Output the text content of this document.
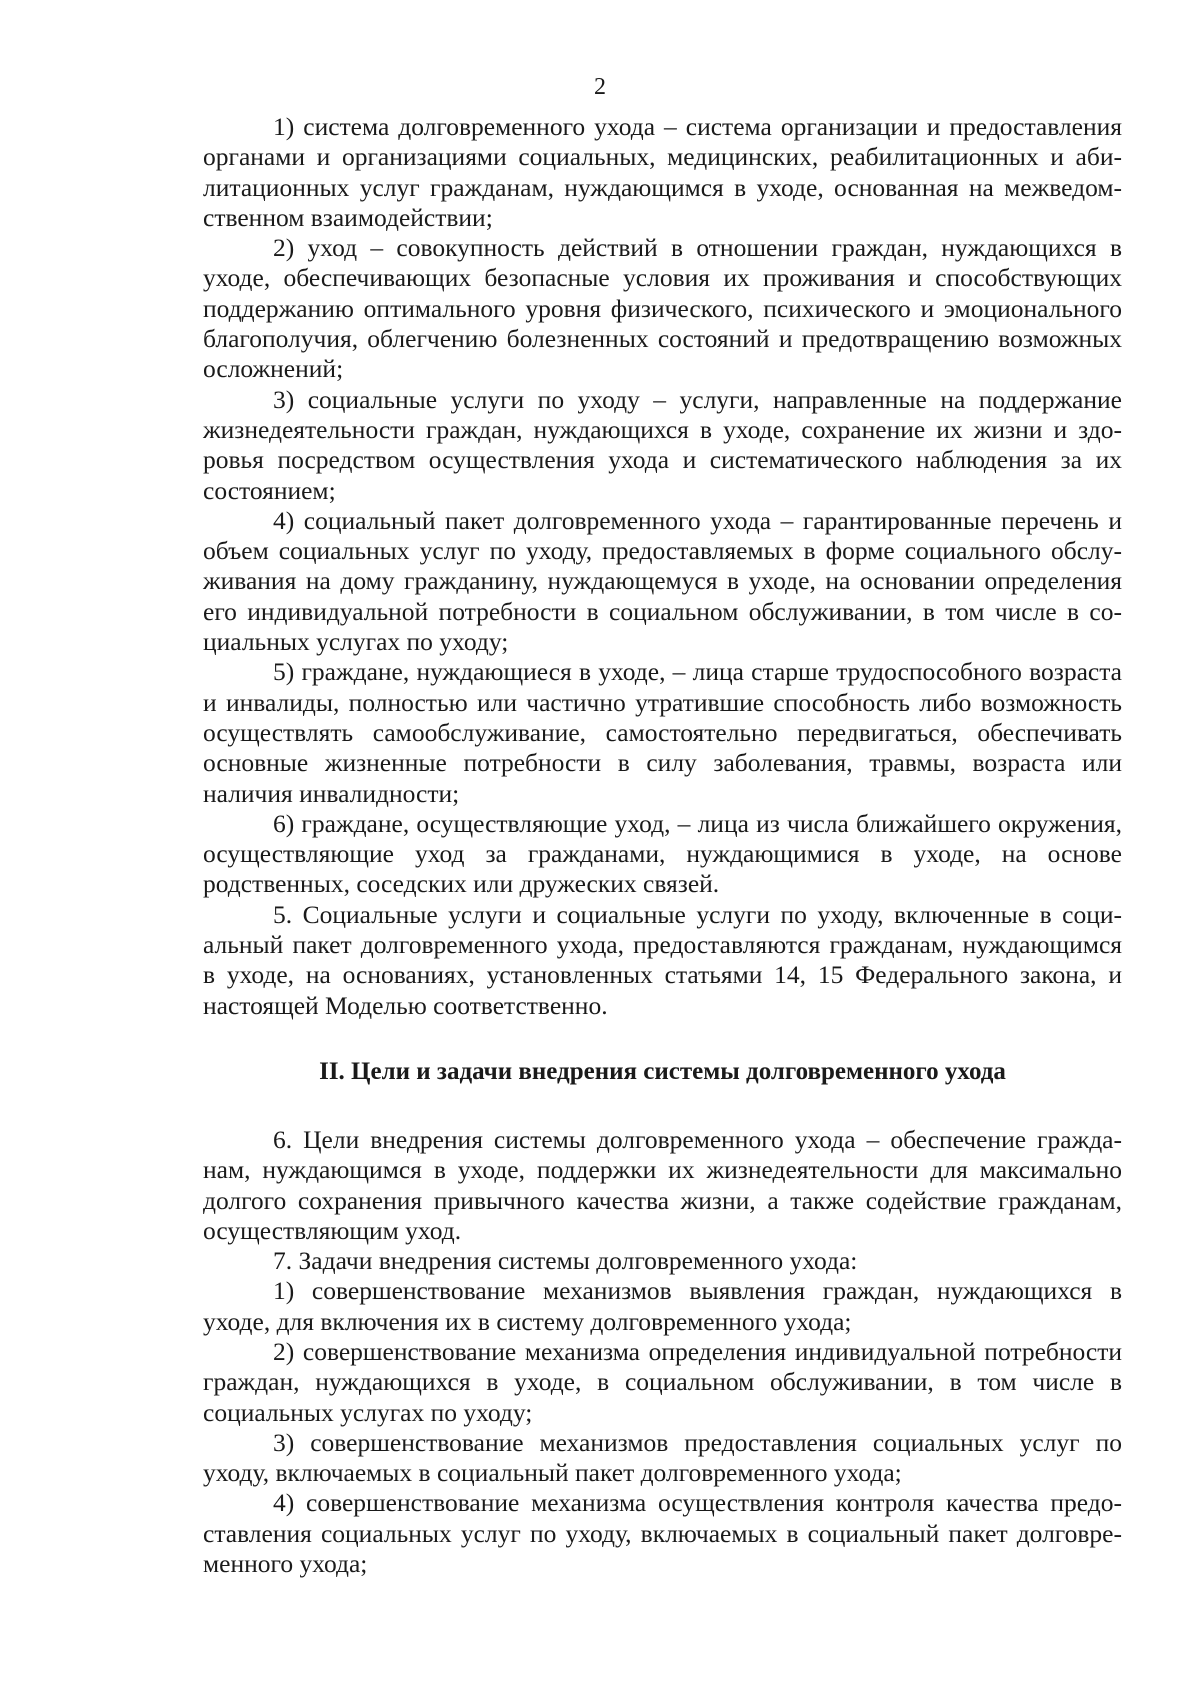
2

1) система долговременного ухода – система организации и предоставления органами и организациями социальных, медицинских, реабилитационных и абилитационных услуг гражданам, нуждающимся в уходе, основанная на межведомственном взаимодействии;

2) уход – совокупность действий в отношении граждан, нуждающихся в уходе, обеспечивающих безопасные условия их проживания и способствующих поддержанию оптимального уровня физического, психического и эмоционального благополучия, облегчению болезненных состояний и предотвращению возможных осложнений;

3) социальные услуги по уходу – услуги, направленные на поддержание жизнедеятельности граждан, нуждающихся в уходе, сохранение их жизни и здоровья посредством осуществления ухода и систематического наблюдения за их состоянием;

4) социальный пакет долговременного ухода – гарантированные перечень и объем социальных услуг по уходу, предоставляемых в форме социального обслуживания на дому гражданину, нуждающемуся в уходе, на основании определения его индивидуальной потребности в социальном обслуживании, в том числе в социальных услугах по уходу;

5) граждане, нуждающиеся в уходе, – лица старше трудоспособного возраста и инвалиды, полностью или частично утратившие способность либо возможность осуществлять самообслуживание, самостоятельно передвигаться, обеспечивать основные жизненные потребности в силу заболевания, травмы, возраста или наличия инвалидности;

6) граждане, осуществляющие уход, – лица из числа ближайшего окружения, осуществляющие уход за гражданами, нуждающимися в уходе, на основе родственных, соседских или дружеских связей.

5. Социальные услуги и социальные услуги по уходу, включенные в социальный пакет долговременного ухода, предоставляются гражданам, нуждающимся в уходе, на основаниях, установленных статьями 14, 15 Федерального закона, и настоящей Моделью соответственно.

II. Цели и задачи внедрения системы долговременного ухода

6. Цели внедрения системы долговременного ухода – обеспечение гражданам, нуждающимся в уходе, поддержки их жизнедеятельности для максимально долгого сохранения привычного качества жизни, а также содействие гражданам, осуществляющим уход.

7. Задачи внедрения системы долговременного ухода:

1) совершенствование механизмов выявления граждан, нуждающихся в уходе, для включения их в систему долговременного ухода;

2) совершенствование механизма определения индивидуальной потребности граждан, нуждающихся в уходе, в социальном обслуживании, в том числе в социальных услугах по уходу;

3) совершенствование механизмов предоставления социальных услуг по уходу, включаемых в социальный пакет долговременного ухода;

4) совершенствование механизма осуществления контроля качества предоставления социальных услуг по уходу, включаемых в социальный пакет долговременного ухода;
